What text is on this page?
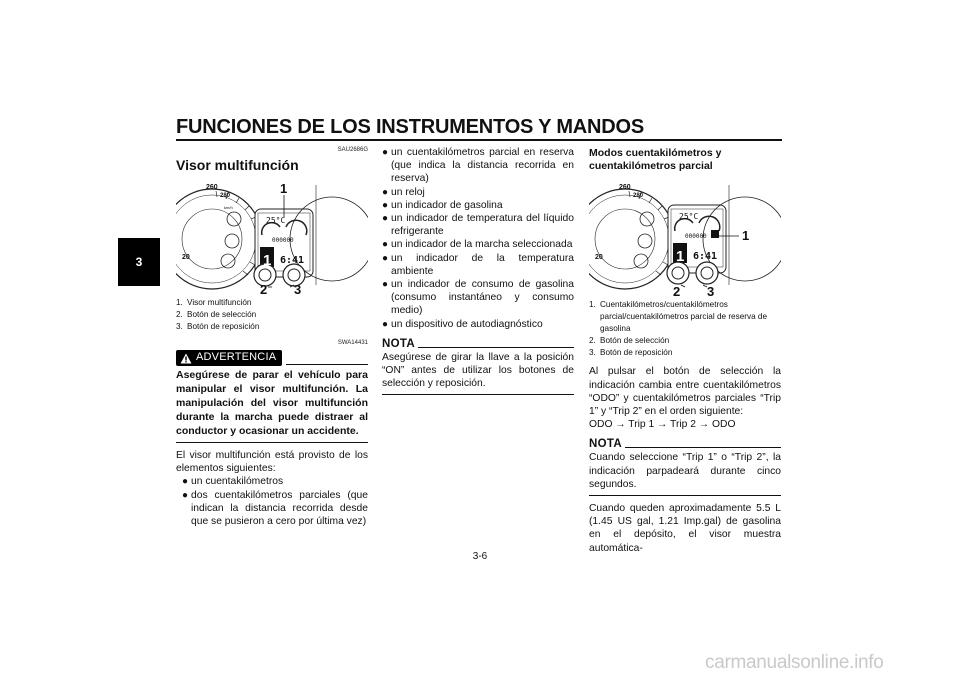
FUNCIONES DE LOS INSTRUMENTOS Y MANDOS
3
SAU2686G
Visor multifunción
260
280
20
km/h
25°C
000000
1 6:41
1
2 3
1. Visor multifunción
2. Botón de selección
3. Botón de reposición
SWA14431
ADVERTENCIA
Asegúrese de parar el vehículo para manipular el visor multifunción. La manipulación del visor multifunción durante la marcha puede distraer al conductor y ocasionar un accidente.
El visor multifunción está provisto de los elementos siguientes:
● un cuentakilómetros
● dos cuentakilómetros parciales (que indican la distancia recorrida desde que se pusieron a cero por última vez)
● un cuentakilómetros parcial en reserva (que indica la distancia recorrida en reserva)
● un reloj
● un indicador de gasolina
● un indicador de temperatura del líquido refrigerante
● un indicador de la marcha seleccionada
● un indicador de la temperatura ambiente
● un indicador de consumo de gasolina (consumo instantáneo y consumo medio)
● un dispositivo de autodiagnóstico
NOTA
Asegúrese de girar la llave a la posición “ON” antes de utilizar los botones de selección y reposición.
Modos cuentakilómetros y cuentakilómetros parcial
260
280
20
25°C
000000
1 6:41
1
2 3
1. Cuentakilómetros/cuentakilómetros parcial/cuentakilómetros parcial de reserva de gasolina
2. Botón de selección
3. Botón de reposición
Al pulsar el botón de selección la indicación cambia entre cuentakilómetros “ODO” y cuentakilómetros parciales “Trip 1” y “Trip 2” en el orden siguiente:
ODO → Trip 1 → Trip 2 → ODO
NOTA
Cuando seleccione “Trip 1” o “Trip 2”, la indicación parpadeará durante cinco segundos.
Cuando queden aproximadamente 5.5 L (1.45 US gal, 1.21 Imp.gal) de gasolina en el depósito, el visor muestra automática-
3-6
carmanualsonline.info
